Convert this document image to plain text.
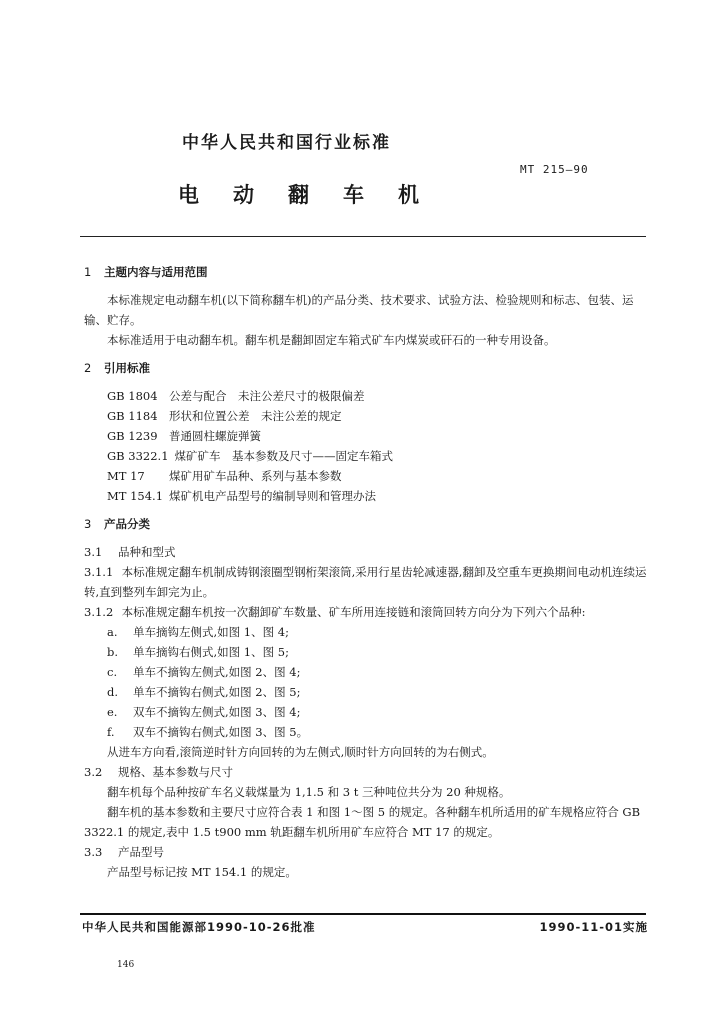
中华人民共和国行业标准
MT 215—90
电动翻车机

1 主题内容与适用范围

本标准规定电动翻车机(以下简称翻车机)的产品分类、技术要求、试验方法、检验规则和标志、包装、运输、贮存。

本标准适用于电动翻车机。翻车机是翻卸固定车箱式矿车内煤炭或矸石的一种专用设备。

2 引用标准

GB 1804 公差与配合　未注公差尺寸的极限偏差

GB 1184 形状和位置公差　未注公差的规定

GB 1239 普通圆柱螺旋弹簧

GB 3322.1 煤矿矿车　基本参数及尺寸——固定车箱式

MT 17 煤矿用矿车品种、系列与基本参数

MT 154.1 煤矿机电产品型号的编制导则和管理办法

3 产品分类

3.1 品种和型式

3.1.1 本标准规定翻车机制成铸钢滚圈型钢桁架滚筒,采用行星齿轮减速器,翻卸及空重车更换期间电动机连续运转,直到整列车卸完为止。

3.1.2 本标准规定翻车机按一次翻卸矿车数量、矿车所用连接链和滚筒回转方向分为下列六个品种:

a. 单车摘钩左侧式,如图 1、图 4;

b. 单车摘钩右侧式,如图 1、图 5;

c. 单车不摘钩左侧式,如图 2、图 4;

d. 单车不摘钩右侧式,如图 2、图 5;

e. 双车不摘钩左侧式,如图 3、图 4;

f. 双车不摘钩右侧式,如图 3、图 5。

从进车方向看,滚筒逆时针方向回转的为左侧式,顺时针方向回转的为右侧式。

3.2 规格、基本参数与尺寸

翻车机每个品种按矿车名义载煤量为 1,1.5 和 3 t 三种吨位共分为 20 种规格。

翻车机的基本参数和主要尺寸应符合表 1 和图 1～图 5 的规定。各种翻车机所适用的矿车规格应符合 GB 3322.1 的规定,表中 1.5 t900 mm 轨距翻车机所用矿车应符合 MT 17 的规定。

3.3 产品型号

产品型号标记按 MT 154.1 的规定。

中华人民共和国能源部1990-10-26批准	1990-11-01实施
146
